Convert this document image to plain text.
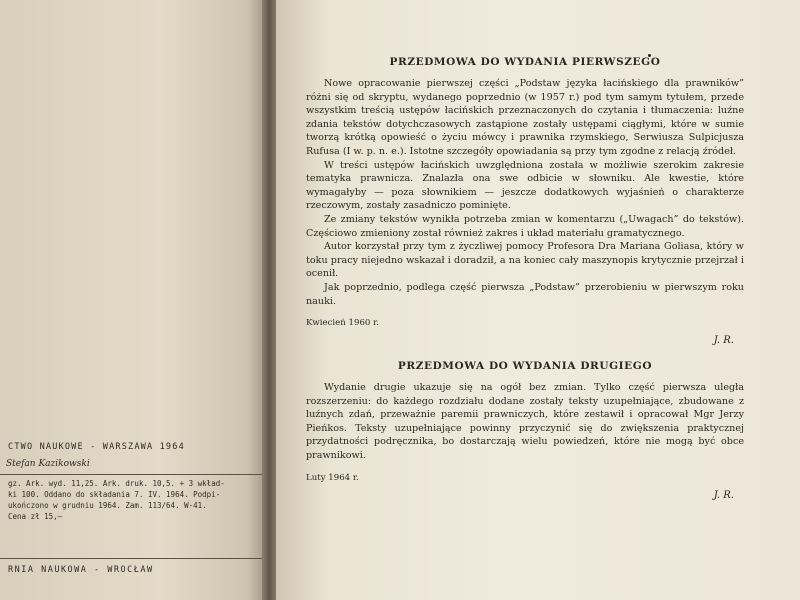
CTWO NAUKOWE - WARSZAWA 1964
Stefan Kazikowski
gz. Ark. wyd. 11,25. Ark. druk. 10,5. + 3 wkład-
ki 100. Oddano do składania 7. IV. 1964. Podpi-
ukończono w grudniu 1964. Zam. 113/64. W-41.
Cena zł 15,—
RNIA NAUKOWA - WROCŁAW
PRZEDMOWA DO WYDANIA PIERWSZEGO

Nowe opracowanie pierwszej części „Podstaw języka łacińskiego dla prawników” różni się od skryptu, wydanego poprzednio (w 1957 r.) pod tym samym tytułem, przede wszystkim treścią ustępów łacińskich przeznaczonych do czytania i tłumaczenia: luźne zdania tekstów dotychczasowych zastąpione zostały ustępami ciągłymi, które w sumie tworzą krótką opowieść o życiu mówcy i prawnika rzymskiego, Serwiusza Sulpicjusza Rufusa (I w. p. n. e.). Istotne szczegóły opowiadania są przy tym zgodne z relacją źródeł.

W treści ustępów łacińskich uwzględniona została w możliwie szerokim zakresie tematyka prawnicza. Znalazła ona swe odbicie w słowniku. Ale kwestie, które wymagałyby — poza słownikiem — jeszcze dodatkowych wyjaśnień o charakterze rzeczowym, zostały zasadniczo pominięte.

Ze zmiany tekstów wynikła potrzeba zmian w komentarzu („Uwagach” do tekstów). Częściowo zmieniony został również zakres i układ materiału gramatycznego.

Autor korzystał przy tym z życzliwej pomocy Profesora Dra Mariana Goliasa, który w toku pracy niejedno wskazał i doradził, a na koniec cały maszynopis krytycznie przejrzał i ocenił.

Jak poprzednio, podlega część pierwsza „Podstaw” przerobieniu w pierwszym roku nauki.

Kwiecień 1960 r.
J. R.
PRZEDMOWA DO WYDANIA DRUGIEGO

Wydanie drugie ukazuje się na ogół bez zmian. Tylko część pierwsza uległa rozszerzeniu: do każdego rozdziału dodane zostały teksty uzupełniające, zbudowane z luźnych zdań, przeważnie paremii prawniczych, które zestawił i opracował Mgr Jerzy Pieńkos. Teksty uzupełniające powinny przyczynić się do zwiększenia praktycznej przydatności podręcznika, bo dostarczają wielu powiedzeń, które nie mogą być obce prawnikowi.

Luty 1964 r.
J. R.
